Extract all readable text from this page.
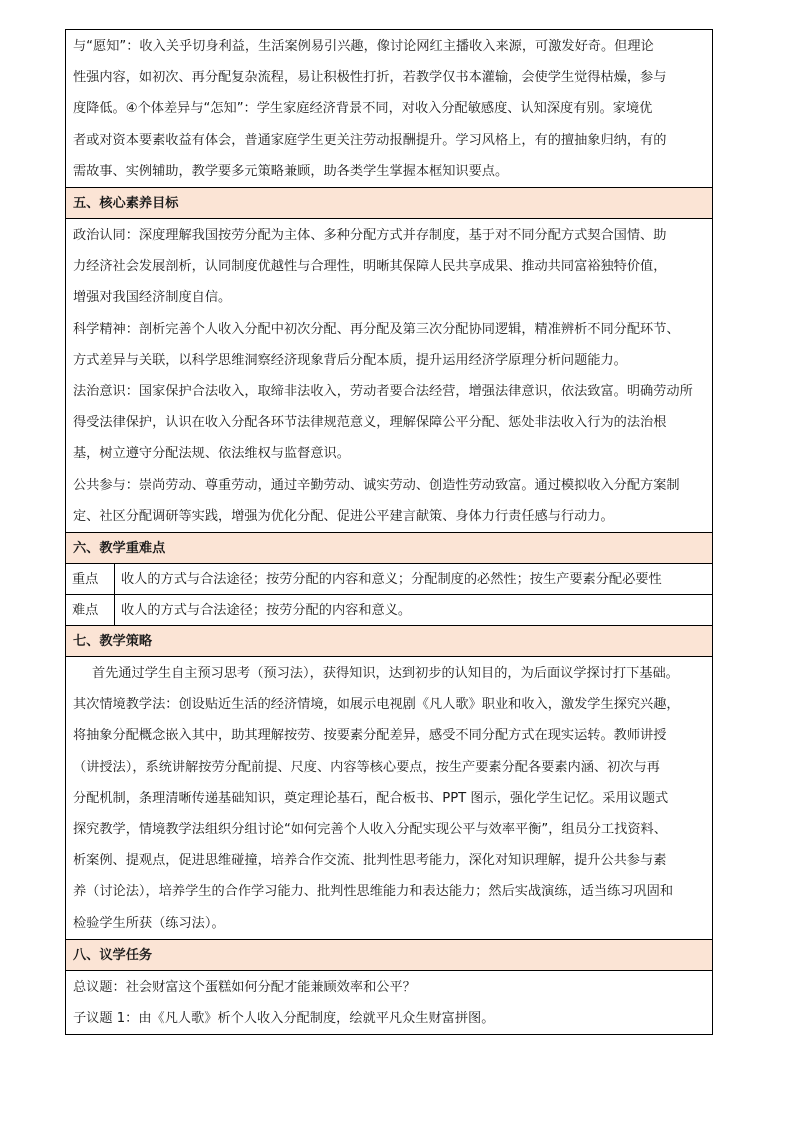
与“愿知”：收入关乎切身利益，生活案例易引兴趣，像讨论网红主播收入来源，可激发好奇。但理论

性强内容，如初次、再分配复杂流程，易让积极性打折，若教学仅书本灌输，会使学生觉得枯燥，参与

度降低。④个体差异与“怎知”：学生家庭经济背景不同，对收入分配敏感度、认知深度有别。家境优

者或对资本要素收益有体会，普通家庭学生更关注劳动报酬提升。学习风格上，有的擅抽象归纳，有的

需故事、实例辅助，教学要多元策略兼顾，助各类学生掌握本框知识要点。

五、核心素养目标

政治认同：深度理解我国按劳分配为主体、多种分配方式并存制度，基于对不同分配方式契合国情、助

力经济社会发展剖析，认同制度优越性与合理性，明晰其保障人民共享成果、推动共同富裕独特价值，

增强对我国经济制度自信。

科学精神：剖析完善个人收入分配中初次分配、再分配及第三次分配协同逻辑，精准辨析不同分配环节、

方式差异与关联，以科学思维洞察经济现象背后分配本质，提升运用经济学原理分析问题能力。

法治意识：国家保护合法收入，取缔非法收入，劳动者要合法经营，增强法律意识，依法致富。明确劳动所

得受法律保护，认识在收入分配各环节法律规范意义，理解保障公平分配、惩处非法收入行为的法治根

基，树立遵守分配法规、依法维权与监督意识。

公共参与：崇尚劳动、尊重劳动，通过辛勤劳动、诚实劳动、创造性劳动致富。通过模拟收入分配方案制

定、社区分配调研等实践，增强为优化分配、促进公平建言献策、身体力行责任感与行动力。

六、教学重难点
重点	收人的方式与合法途径；按劳分配的内容和意义；分配制度的必然性；按生产要素分配必要性
难点	收人的方式与合法途径；按劳分配的内容和意义。
七、教学策略

首先通过学生自主预习思考（预习法），获得知识，达到初步的认知目的，为后面议学探讨打下基础。

其次情境教学法：创设贴近生活的经济情境，如展示电视剧《凡人歌》职业和收入，激发学生探究兴趣，

将抽象分配概念嵌入其中，助其理解按劳、按要素分配差异，感受不同分配方式在现实运转。教师讲授

（讲授法），系统讲解按劳分配前提、尺度、内容等核心要点，按生产要素分配各要素内涵、初次与再

分配机制，条理清晰传递基础知识，奠定理论基石，配合板书、PPT 图示，强化学生记忆。采用议题式

探究教学，情境教学法组织分组讨论“如何完善个人收入分配实现公平与效率平衡”，组员分工找资料、

析案例、提观点，促进思维碰撞，培养合作交流、批判性思考能力，深化对知识理解，提升公共参与素

养（讨论法），培养学生的合作学习能力、批判性思维能力和表达能力；然后实战演练，适当练习巩固和

检验学生所获（练习法）。

八、议学任务

总议题：社会财富这个蛋糕如何分配才能兼顾效率和公平？

子议题 1：由《凡人歌》析个人收入分配制度，绘就平凡众生财富拼图。
